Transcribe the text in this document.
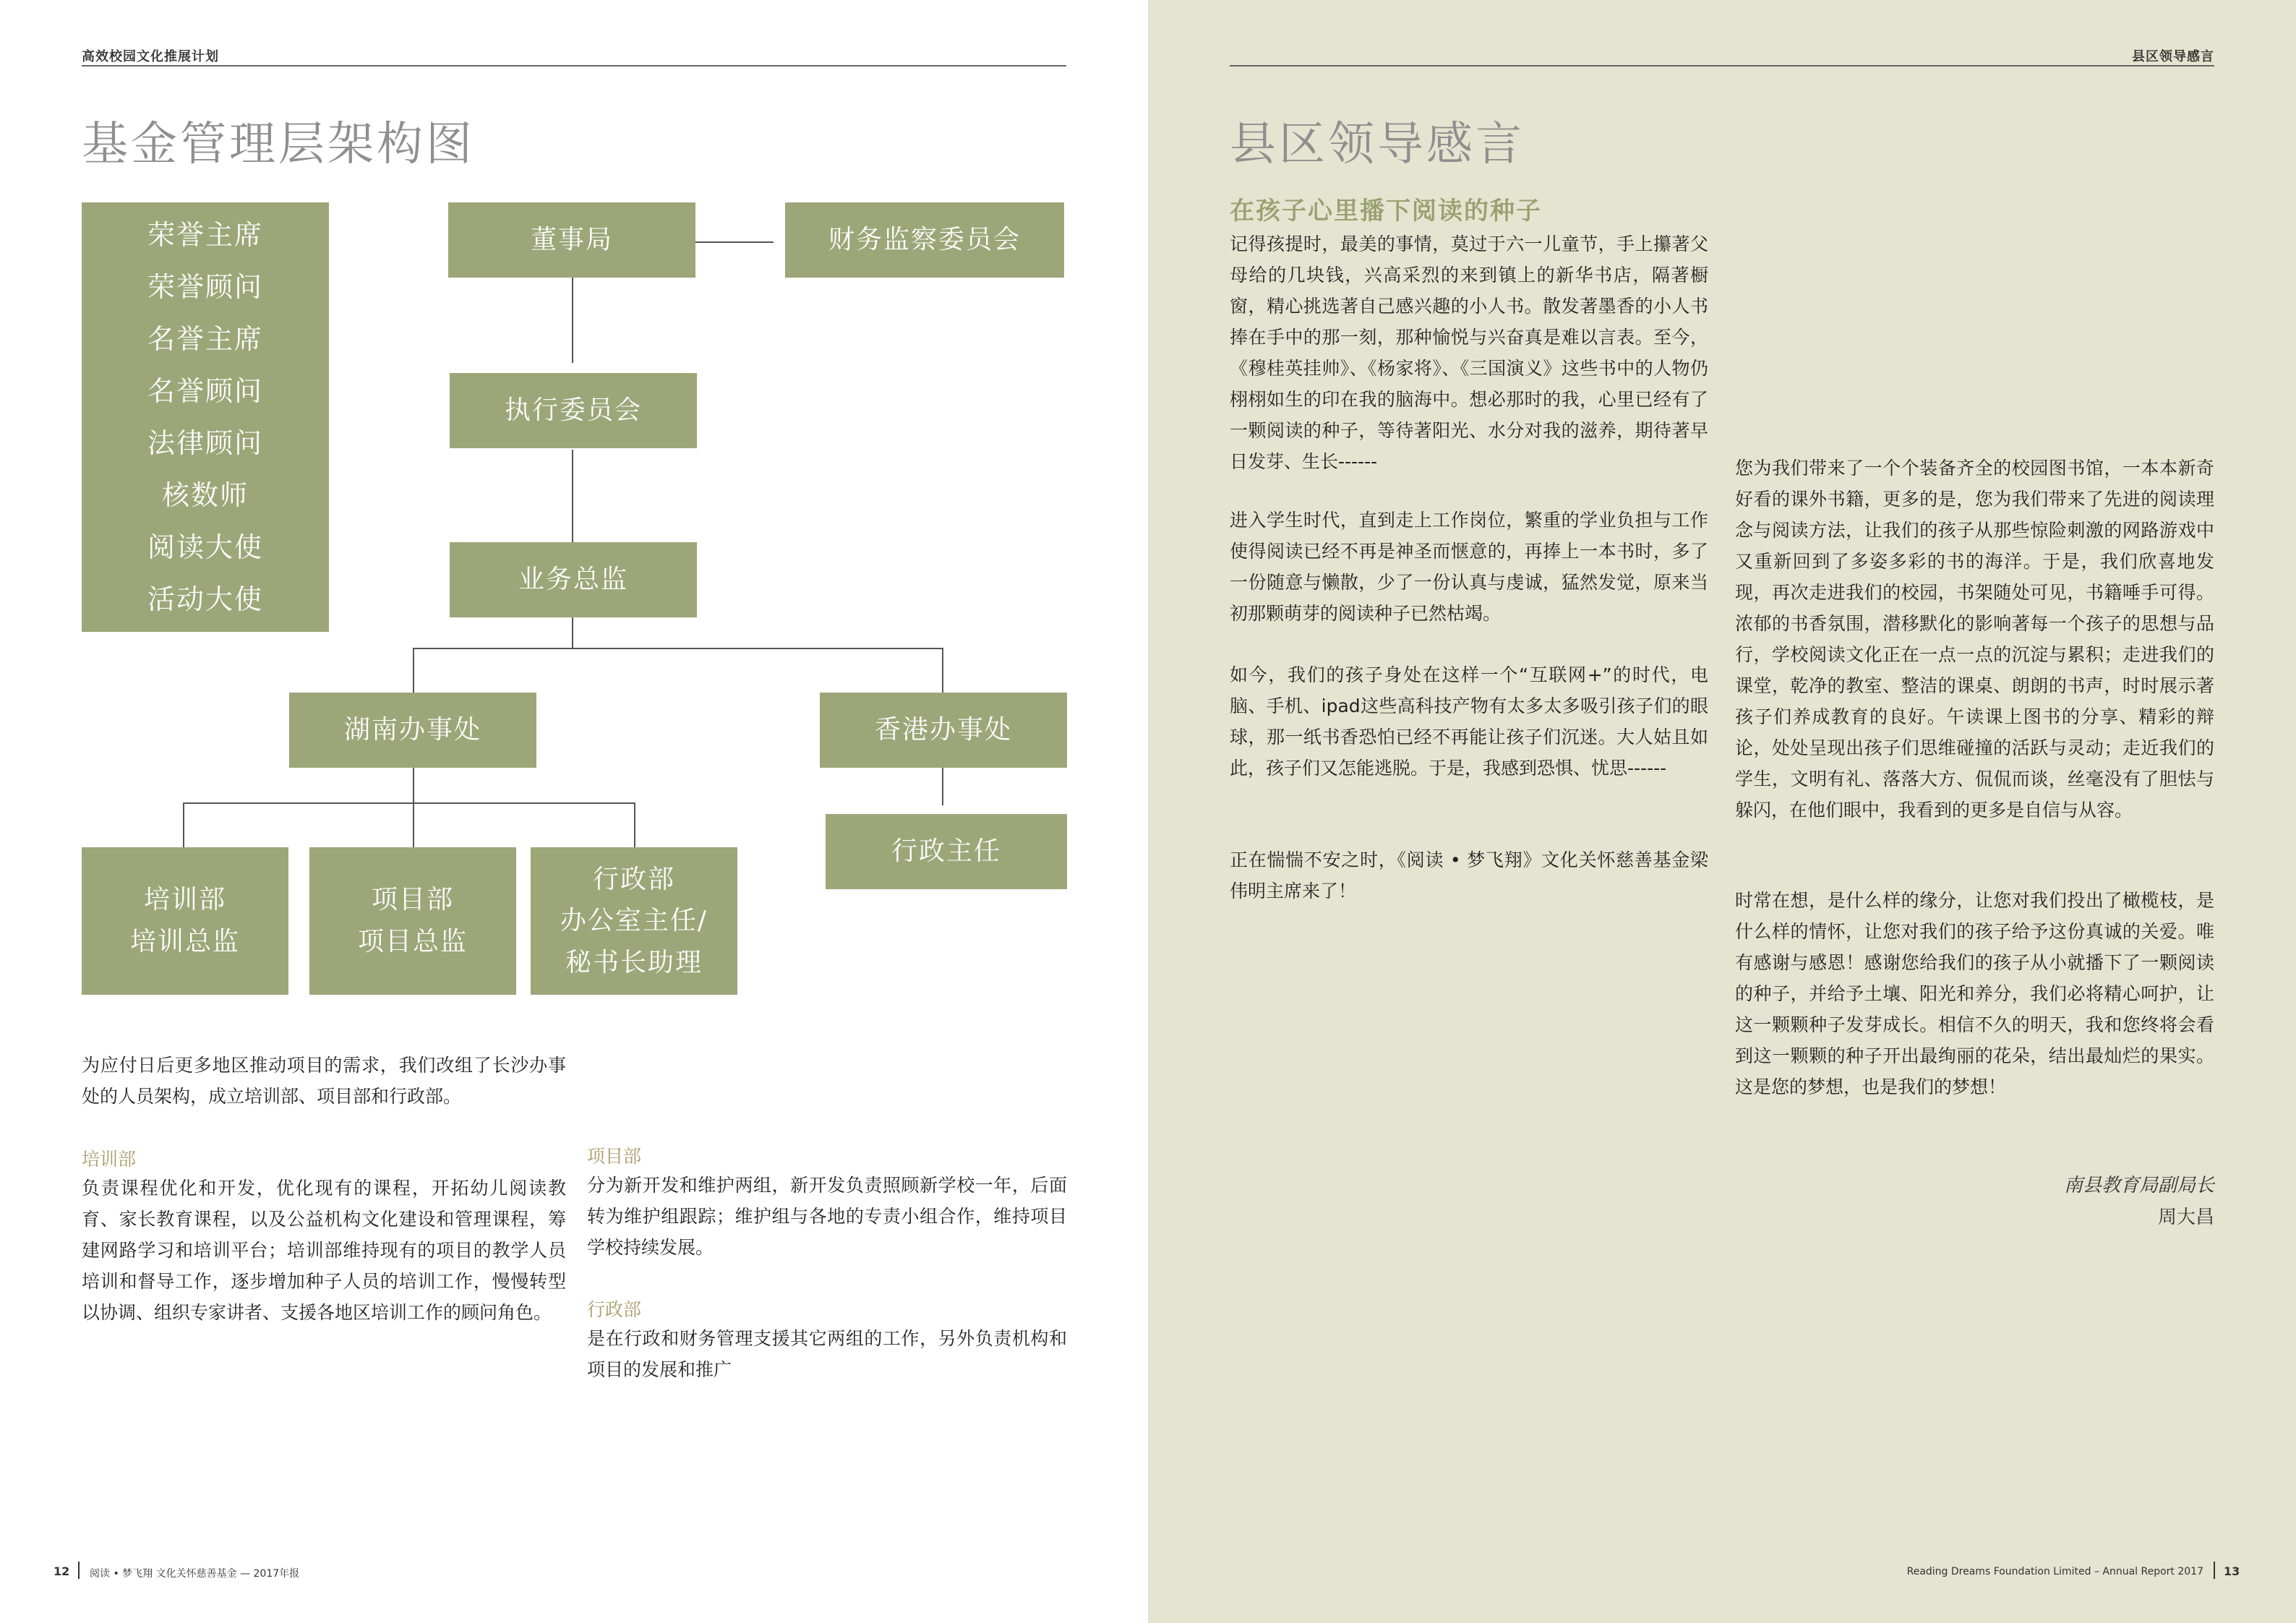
高效校园文化推展计划
基金管理层架构图
荣誉主席
荣誉顾问
名誉主席
名誉顾问
法律顾问
核数师
阅读大使
活动大使
董事局	财务监察委员会
执行委员会
业务总监
湖南办事处	香港办事处
培训部
培训总监
项目部
项目总监
行政部
办公室主任/
秘书长助理
行政主任
为应付日后更多地区推动项目的需求，我们改组了长沙办事处的人员架构，成立培训部、项目部和行政部。
培训部
负责课程优化和开发，优化现有的课程，开拓幼儿阅读教育、家长教育课程，以及公益机构文化建设和管理课程，筹建网路学习和培训平台；培训部维持现有的项目的教学人员培训和督导工作，逐步增加种子人员的培训工作，慢慢转型以协调、组织专家讲者、支援各地区培训工作的顾问角色。
项目部
分为新开发和维护两组，新开发负责照顾新学校一年，后面转为维护组跟踪；维护组与各地的专责小组合作，维持项目学校持续发展。
行政部
是在行政和财务管理支援其它两组的工作，另外负责机构和项目的发展和推广
12 阅读 • 梦飞翔 文化关怀慈善基金 — 2017年报
县区领导感言
县区领导感言
在孩子心里播下阅读的种子
记得孩提时，最美的事情，莫过于六一儿童节，手上攥著父母给的几块钱，兴高采烈的来到镇上的新华书店，隔著橱窗，精心挑选著自己感兴趣的小人书。散发著墨香的小人书捧在手中的那一刻，那种愉悦与兴奋真是难以言表。至今，《穆桂英挂帅》、《杨家将》、《三国演义》这些书中的人物仍栩栩如生的印在我的脑海中。想必那时的我，心里已经有了一颗阅读的种子，等待著阳光、水分对我的滋养，期待著早日发芽、生长------
进入学生时代，直到走上工作岗位，繁重的学业负担与工作使得阅读已经不再是神圣而惬意的，再捧上一本书时，多了一份随意与懒散，少了一份认真与虔诚，猛然发觉，原来当初那颗萌芽的阅读种子已然枯竭。
如今，我们的孩子身处在这样一个“互联网+”的时代，电脑、手机、ipad这些高科技产物有太多太多吸引孩子们的眼球，那一纸书香恐怕已经不再能让孩子们沉迷。大人姑且如此，孩子们又怎能逃脱。于是，我感到恐惧、忧思------
正在惴惴不安之时，《阅读 • 梦飞翔》文化关怀慈善基金梁伟明主席来了！
您为我们带来了一个个装备齐全的校园图书馆，一本本新奇好看的课外书籍，更多的是，您为我们带来了先进的阅读理念与阅读方法，让我们的孩子从那些惊险刺激的网路游戏中又重新回到了多姿多彩的书的海洋。于是，我们欣喜地发现，再次走进我们的校园，书架随处可见，书籍唾手可得。浓郁的书香氛围，潜移默化的影响著每一个孩子的思想与品行，学校阅读文化正在一点一点的沉淀与累积；走进我们的课堂，乾净的教室、整洁的课桌、朗朗的书声，时时展示著孩子们养成教育的良好。午读课上图书的分享、精彩的辩论，处处呈现出孩子们思维碰撞的活跃与灵动；走近我们的学生，文明有礼、落落大方、侃侃而谈，丝毫没有了胆怯与躲闪，在他们眼中，我看到的更多是自信与从容。
时常在想，是什么样的缘分，让您对我们投出了橄榄枝，是什么样的情怀，让您对我们的孩子给予这份真诚的关爱。唯有感谢与感恩！感谢您给我们的孩子从小就播下了一颗阅读的种子，并给予土壤、阳光和养分，我们必将精心呵护，让这一颗颗种子发芽成长。相信不久的明天，我和您终将会看到这一颗颗的种子开出最绚丽的花朵，结出最灿烂的果实。这是您的梦想，也是我们的梦想！
南县教育局副局长
周大昌
Reading Dreams Foundation Limited – Annual Report 2017 13
